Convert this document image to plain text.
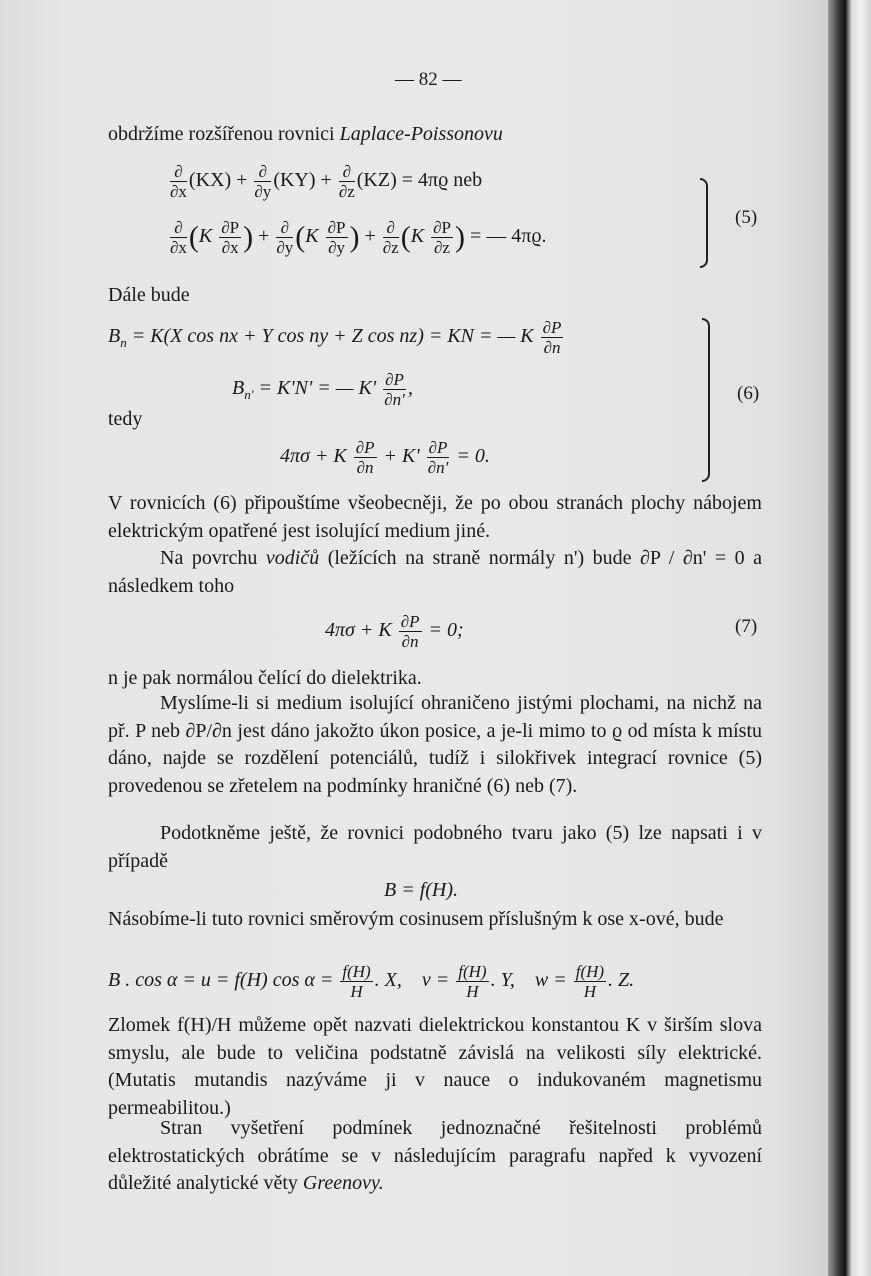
— 82 —
obdržíme rozšířenou rovnici Laplace-Poissonovu
$\frac{\partial}{\partial x} (KX) + \frac{\partial}{\partial y} (KY) + \frac{\partial}{\partial z} (KZ) = 4\pi ϱ$ neb
$\frac{\partial}{\partial x} (K \frac{\partial P}{\partial x}$ ) + $\frac{\partial}{\partial y} (K \frac{\partial P}{\partial y}$ ) + $\frac{\partial}{\partial z} (K \frac{\partial P}{\partial z}$ ) = — 4πϱ.
(5)
Dále bude
$B_n = K(X$ cos nx + Y cos ny + Z cos nz) = KN = — K $\frac{\partial P}{\partial n}$
$B_{n'} = K'N'$ = — $K' \frac{\partial P}{\partial n'}$ ,
tedy
4πσ + K $\frac{\partial P}{\partial n} + K' \frac{\partial P}{\partial n'} = 0$.
(6)

V rovnicích (6) připouštíme všeobecněji, že po obou stranách plochy nábojem elektrickým opatřené jest isolující medium jiné.

Na povrchu vodičů (ležících na straně normály n') bude ∂P / ∂n' = 0 a následkem toho

4πσ + K $\frac{\partial P}{\partial n} = 0$;	(7)

n je pak normálou čelící do dielektrika.

Myslíme-li si medium isolující ohraničeno jistými plochami, na nichž na př. P neb ∂P/∂n jest dáno jakožto úkon posice, a je-li mimo to ϱ od místa k místu dáno, najde se rozdělení potenciálů, tudíž i silokřivek integrací rovnice (5) provedenou se zřetelem na podmínky hraničné (6) neb (7).

Podotkněme ještě, že rovnici podobného tvaru jako (5) lze napsati i v případě

B = f(H).

Násobíme-li tuto rovnici směrovým cosinusem příslušným k ose x-ové, bude

B . cos α = u = f(H) $\cos \alpha = \frac{f(H)}{H}$ . X,    $v = \frac{f(H)}{H}$ . Y,    $w = \frac{f(H)}{H}$ . Z.

Zlomek f(H)/H můžeme opět nazvati dielektrickou konstantou K v širším slova smyslu, ale bude to veličina podstatně závislá na velikosti síly elektrické. (Mutatis mutandis nazýváme ji v nauce o indukovaném magnetismu permeabilitou.)

Stran vyšetření podmínek jednoznačné řešitelnosti problémů elektrostatických obrátíme se v následujícím paragrafu napřed k vyvození důležité analytické věty Greenovy.
